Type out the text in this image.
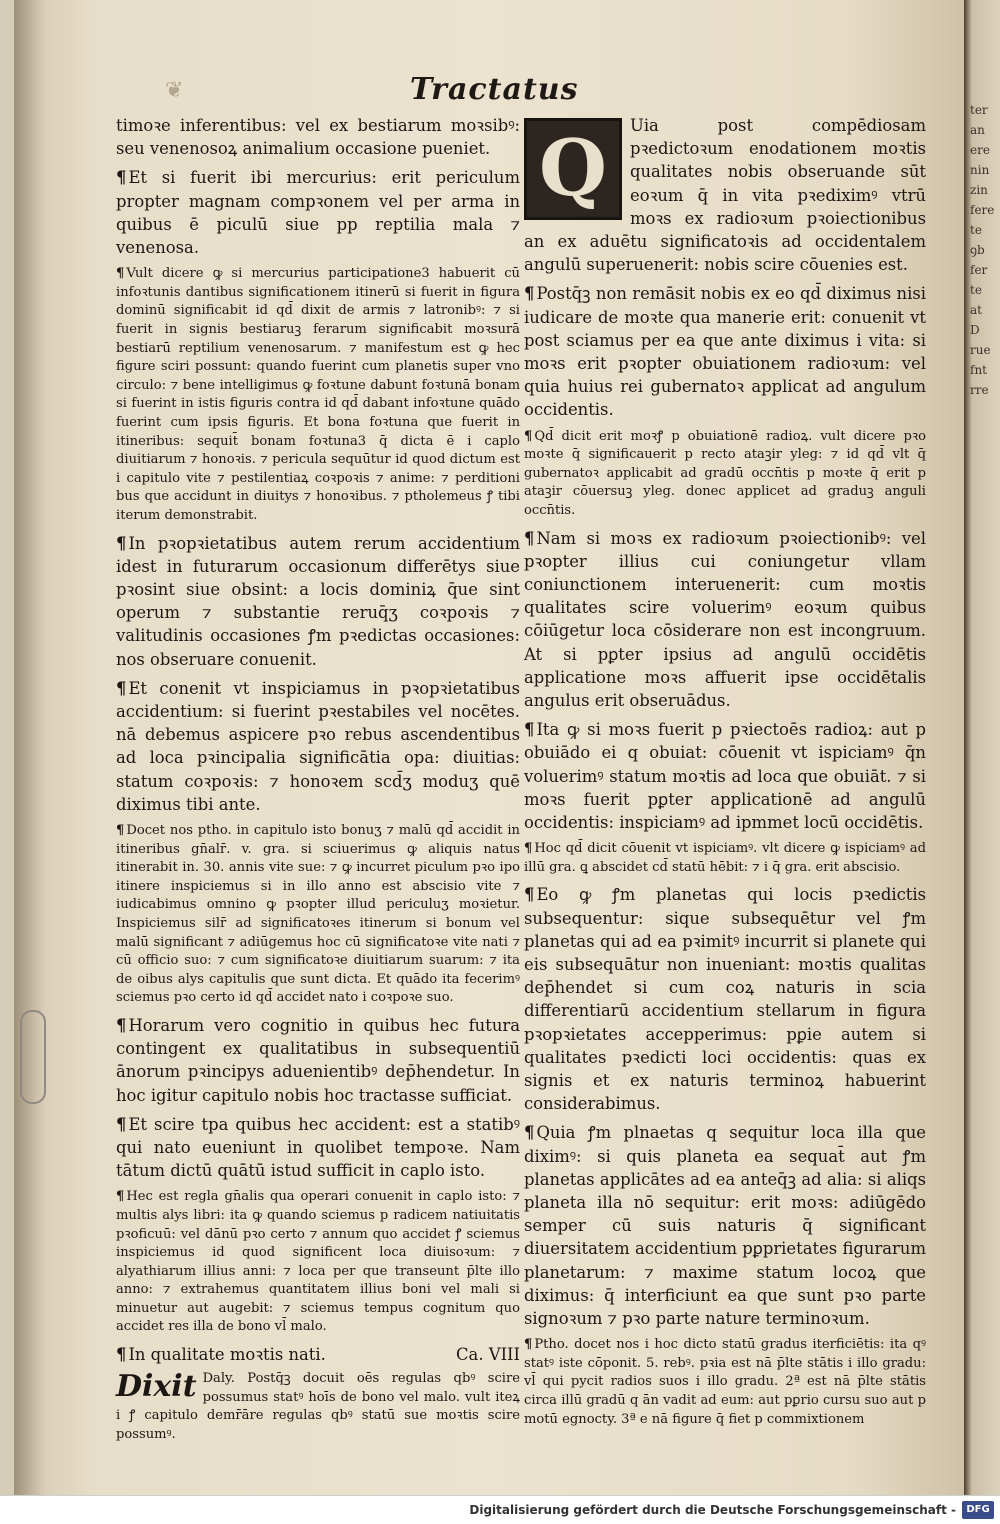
ter
an
ere
nin
zin
fere
te
ꝯb
fer
te
at
D
rue
fnt
rre
❦	Tractatus

timoꝛe inferentibus: vel ex bestiarum moꝛsibꝰ: seu venenosoꝝ animalium occasione pueniet.

¶ Et si fuerit ibi mercurius: erit periculum propter magnam compꝛonem vel per arma in quibus ē piculū siue pp reptilia mala ⁊ venenosa.

¶ Vult dicere ꝙ si mercurius participatione3 habuerit cū infoꝛtunis dantibus significationem itinerū si fuerit in figura dominū significabit id qd̄ dixit de armis ⁊ latronibꝰ: ⁊ si fuerit in signis bestiaruꝫ ferarum significabit moꝛsurā bestiarū reptilium venenosarum. ⁊ manifestum est ꝙ hec figure sciri possunt: quando fuerint cum planetis super vno circulo: ⁊ bene intelligimus ꝙ foꝛtune dabunt foꝛtunā bonam si fuerint in istis figuris contra id qd̄ dabant infoꝛtune quādo fuerint cum ipsis figuris. Et bona foꝛtuna que fuerit in itineribus: sequit̄ bonam foꝛtuna3 q̄ dicta ē i caplo diuitiarum ⁊ honoꝛis. ⁊ pericula sequūtur id quod dictum est i capitulo vite ⁊ pestilentiaꝝ coꝛpoꝛis ⁊ anime: ⁊ perditioni bus que accidunt in diuitys ⁊ honoꝛibus. ⁊ ptholemeus ꝭ tibi iterum demonstrabit.

¶ In pꝛopꝛietatibus autem rerum accidentium idest in futurarum occasionum differētys siue pꝛosint siue obsint: a locis dominiꝝ q̄ue sint operum ⁊ substantie reruq̄ʒ coꝛpoꝛis ⁊ valitudinis occasiones ꝭm pꝛedictas occasiones: nos obseruare conuenit.

¶ Et conenit vt inspiciamus in pꝛopꝛietatibus accidentium: si fuerint pꝛestabiles vel nocētes. nā debemus aspicere pꝛo rebus ascendentibus ad loca pꝛincipalia significātia opa: diuitias: statum coꝛpoꝛis: ⁊ honoꝛem scd̄ʒ moduʒ quē diximus tibi ante.

¶ Docet nos ptho. in capitulo isto bonuʒ ⁊ malū qd̄ accidit in itineribus gn̄alr̄. v. gra. si sciuerimus ꝙ aliquis natus itinerabit in. 30. annis vite sue: ⁊ ꝙ incurret piculum pꝛo ipo itinere inspiciemus si in illo anno est abscisio vite ⁊ iudicabimus omnino ꝙ pꝛopter illud periculuʒ moꝛietur. Inspiciemus silr̄ ad significatoꝛes itinerum si bonum vel malū significant ⁊ adiūgemus hoc cū significatoꝛe vite nati ⁊ cū officio suo: ⁊ cum significatoꝛe diuitiarum suarum: ⁊ ita de oibus alys capitulis que sunt dicta. Et quādo ita fecerimꝰ sciemus pꝛo certo id qd̄ accidet nato i coꝛpoꝛe suo.

¶ Horarum vero cognitio in quibus hec futura contingent ex qualitatibus in subsequentiū ānorum pꝛincipys aduenientibꝰ dep̄hendetur. In hoc igitur capitulo nobis hoc tractasse sufficiat.

¶ Et scire tpa quibus hec accident: est a statibꝰ qui nato eueniunt in quolibet tempoꝛe. Nam tātum dictū quātū istud sufficit in caplo isto.

¶ Hec est regla gn̄alis qua operari conuenit in caplo isto: ⁊ multis alys libri: ita ꝙ quando sciemus p radicem natiuitatis pꝛoficuū: vel dānū pꝛo certo ⁊ annum quo accidet ꝭ sciemus inspiciemus id quod significent loca diuisoꝛum: ⁊ alyathiarum illius anni: ⁊ loca per que transeunt p̄lte illo anno: ⁊ extrahemus quantitatem illius boni vel mali si minuetur aut augebit: ⁊ sciemus tempus cognitum quo accidet res illa de bono vl̄ malo.

¶ In qualitate moꝛtis nati.	Ca. VIII

Dixit Daly. Postq̄ꝫ docuit oēs regulas qbꝰ scire possumus statꝰ hoīs de bono vel malo. vult iteꝝ i ꝭ capitulo demr̄āre regulas qbꝰ statū sue moꝛtis scire possumꝰ.

Q	Uia post compēdiosam pꝛedictoꝛum enodationem moꝛtis qualitates nobis obseruande sūt eoꝛum q̄ in vita pꝛediximꝰ vtrū moꝛs ex radioꝛum pꝛoiectionibus an ex aduētu significatoꝛis ad occidentalem angulū superuenerit: nobis scire cōuenies est.

¶ Postq̄ꝫ non remāsit nobis ex eo qd̄ diximus nisi iudicare de moꝛte qua manerie erit: conuenit vt post sciamus per ea que ante diximus i vita: si moꝛs erit pꝛopter obuiationem radioꝛum: vel quia huius rei gubernatoꝛ applicat ad angulum occidentis.

¶ Qd̄ dicit erit moꝛꝭ p obuiationē radioꝝ. vult dicere pꝛo moꝛte q̄ significauerit p recto ataꝫir yleg: ⁊ id qd̄ vlt q̄ gubernatoꝛ applicabit ad gradū occn̄tis p moꝛte q̄ erit p ataꝫir cōuersuꝫ yleg. donec applicet ad graduꝫ anguli occn̄tis.

¶ Nam si moꝛs ex radioꝛum pꝛoiectionibꝰ: vel pꝛopter illius cui coniungetur vllam coniunctionem interuenerit: cum moꝛtis qualitates scire voluerimꝰ eoꝛum quibus cōiūgetur loca cōsiderare non est incongruum. At si pꝑter ipsius ad angulū occidētis applicatione moꝛs affuerit ipse occidētalis angulus erit obseruādus.

¶ Ita ꝙ si moꝛs fuerit p pꝛiectoēs radioꝝ: aut p obuiādo ei q obuiat: cōuenit vt ispiciamꝰ q̄n voluerimꝰ statum moꝛtis ad loca que obuiāt. ⁊ si moꝛs fuerit pꝑter applicationē ad angulū occidentis: inspiciamꝰ ad ipmmet locū occidētis.

¶ Hoc qd̄ dicit cōuenit vt ispiciamꝰ. vlt dicere ꝙ ispiciamꝰ ad illū gra. ꝗ abscidet cd̄ statū hēbit: ⁊ i q̄ gra. erit abscisio.

¶ Eo ꝙ ꝭm planetas qui locis pꝛedictis subsequentur: sique subsequētur vel ꝭm planetas qui ad ea pꝛimitꝰ incurrit si planete qui eis subsequātur non inueniant: moꝛtis qualitas dep̄hendet si cum coꝝ naturis in scia differentiarū accidentium stellarum in figura pꝛopꝛietates accepperimus: pꝑie autem si qualitates pꝛedicti loci occidentis: quas ex signis et ex naturis terminoꝝ habuerint considerabimus.

¶ Quia ꝭm plnaetas q sequitur loca illa que diximꝰ: si quis planeta ea sequat̄ aut ꝭm planetas applicātes ad ea anteq̄ꝫ ad alia: si aliqs planeta illa nō sequitur: erit moꝛs: adiūgēdo semper cū suis naturis q̄ significant diuersitatem accidentium pꝑprietates figurarum planetarum: ⁊ maxime statum locoꝝ que diximus: q̄ interficiunt ea que sunt pꝛo parte signoꝛum ⁊ pꝛo parte nature terminoꝛum.

¶ Ptho. docet nos i hoc dicto statū gradus iterficiētis: ita qꝰ statꝰ iste cōponit. 5. rebꝰ. pꝛia est nā p̄lte stātis i illo gradu: vl̄ qui pycit radios suos i illo gradu. 2ª est nā p̄lte stātis circa illū gradū q ān vadit ad eum: aut pꝑrio cursu suo aut p motū egnocty. 3ª e nā figure q̄ fiet p commixtionem

Digitalisierung gefördert durch die Deutsche Forschungsgemeinschaft -	DFG
